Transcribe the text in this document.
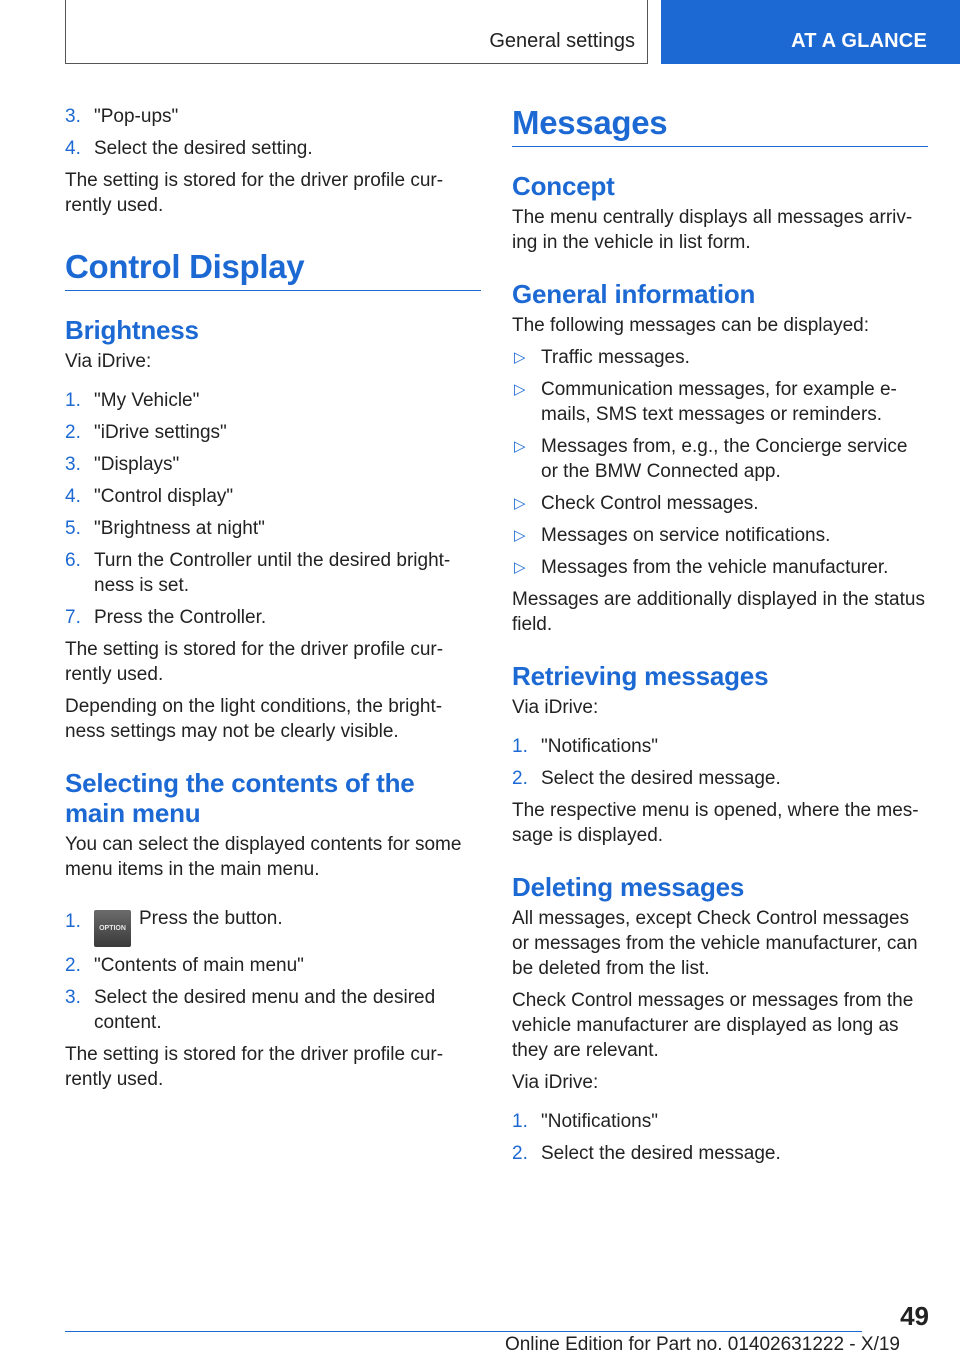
General settings	AT A GLANCE
3. "Pop-ups"
4. Select the desired setting.

The setting is stored for the driver profile cur-rently used.

Control Display
Brightness

Via iDrive:

1. "My Vehicle"
2. "iDrive settings"
3. "Displays"
4. "Control display"
5. "Brightness at night"
6. Turn the Controller until the desired bright-ness is set.
7. Press the Controller.

The setting is stored for the driver profile cur-rently used.

Depending on the light conditions, the bright-ness settings may not be clearly visible.

Selecting the contents of the main menu

You can select the displayed contents for some menu items in the main menu.

1.	OPTION Press the button.
2. "Contents of main menu"
3. Select the desired menu and the desired content.

The setting is stored for the driver profile cur-rently used.

Messages
Concept

The menu centrally displays all messages arriv-ing in the vehicle in list form.

General information

The following messages can be displayed:

▷ Traffic messages.
▷ Communication messages, for example e-mails, SMS text messages or reminders.
▷ Messages from, e.g., the Concierge service or the BMW Connected app.
▷ Check Control messages.
▷ Messages on service notifications.
▷ Messages from the vehicle manufacturer.

Messages are additionally displayed in the status field.

Retrieving messages

Via iDrive:

1. "Notifications"
2. Select the desired message.

The respective menu is opened, where the mes-sage is displayed.

Deleting messages

All messages, except Check Control messages or messages from the vehicle manufacturer, can be deleted from the list.

Check Control messages or messages from the vehicle manufacturer are displayed as long as they are relevant.

Via iDrive:

1. "Notifications"
2. Select the desired message.
49
Online Edition for Part no. 01402631222 - X/19
